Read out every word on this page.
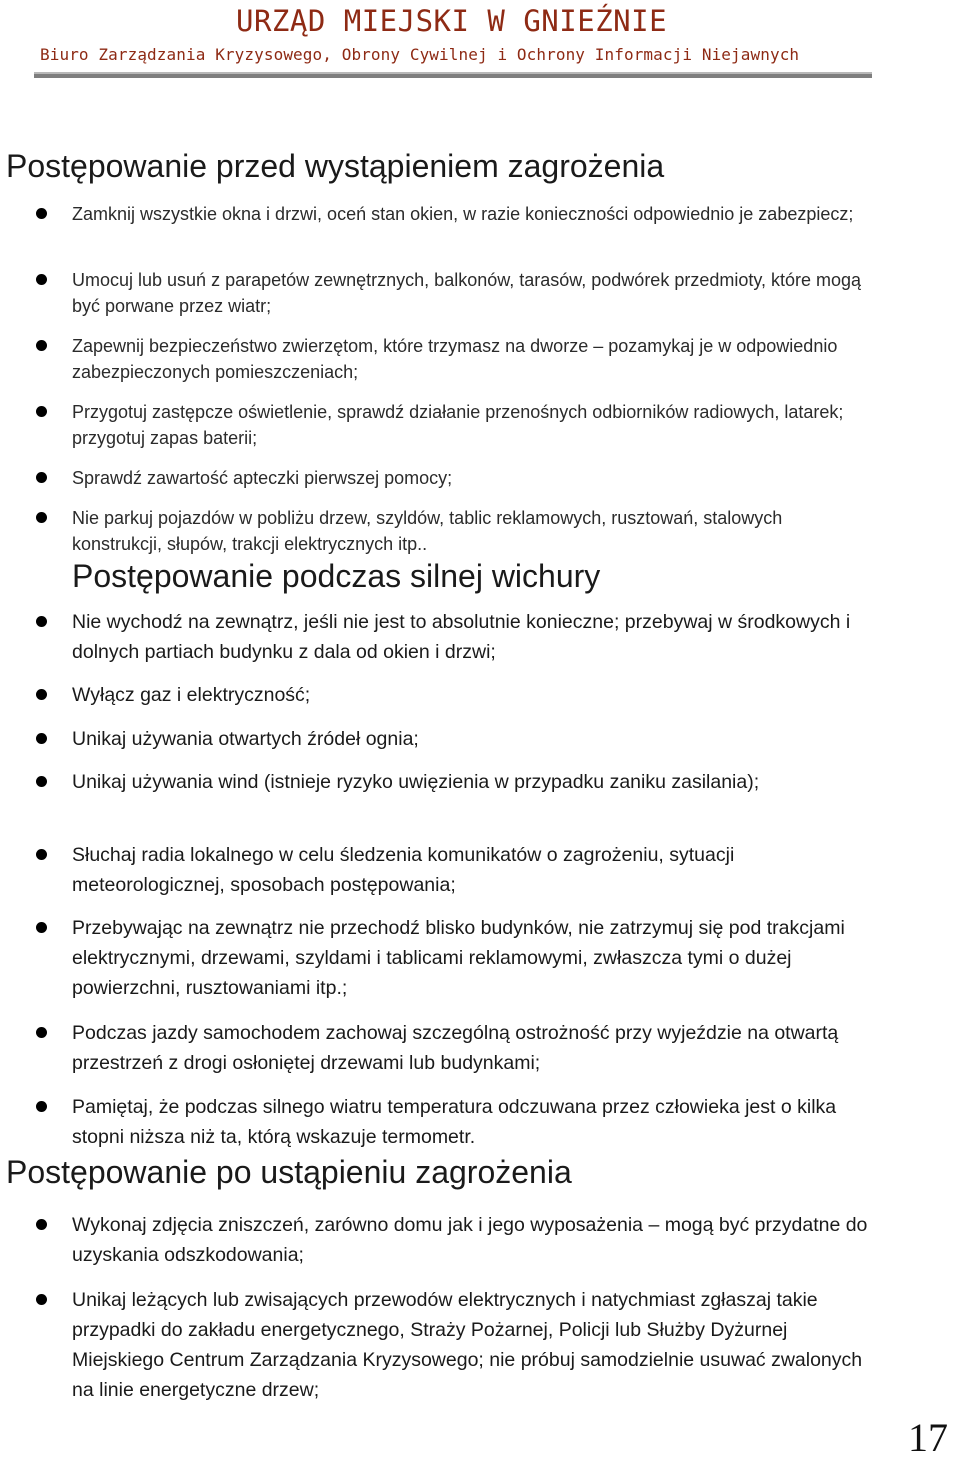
URZĄD MIEJSKI W GNIEŹNIE
Biuro Zarządzania Kryzysowego, Obrony Cywilnej i Ochrony Informacji Niejawnych
Postępowanie przed wystąpieniem zagrożenia
Zamknij wszystkie okna i drzwi, oceń stan okien, w razie konieczności odpowiednio je zabezpiecz;
Umocuj lub usuń z parapetów zewnętrznych, balkonów, tarasów, podwórek przedmioty, które mogą być porwane przez wiatr;
Zapewnij bezpieczeństwo zwierzętom, które trzymasz na dworze – pozamykaj je w odpowiednio zabezpieczonych pomieszczeniach;
Przygotuj zastępcze oświetlenie, sprawdź działanie przenośnych odbiorników radiowych, latarek; przygotuj zapas baterii;
Sprawdź zawartość apteczki pierwszej pomocy;
Nie parkuj pojazdów w pobliżu drzew, szyldów, tablic reklamowych, rusztowań, stalowych konstrukcji, słupów, trakcji elektrycznych itp..
Postępowanie podczas silnej wichury
Nie wychodź na zewnątrz, jeśli nie jest to absolutnie konieczne; przebywaj w środkowych i dolnych partiach budynku z dala od okien i drzwi;
Wyłącz gaz i elektryczność;
Unikaj używania otwartych źródeł ognia;
Unikaj używania wind (istnieje ryzyko uwięzienia w przypadku zaniku zasilania);
Słuchaj radia lokalnego w celu śledzenia komunikatów o zagrożeniu, sytuacji meteorologicznej, sposobach postępowania;
Przebywając na zewnątrz nie przechodź blisko budynków, nie zatrzymuj się pod trakcjami elektrycznymi, drzewami, szyldami i tablicami reklamowymi, zwłaszcza tymi o dużej powierzchni, rusztowaniami itp.;
Podczas jazdy samochodem zachowaj szczególną ostrożność przy wyjeździe na otwartą przestrzeń z drogi osłoniętej drzewami lub budynkami;
Pamiętaj, że podczas silnego wiatru temperatura odczuwana przez człowieka jest o kilka stopni niższa niż ta, którą wskazuje termometr.
Postępowanie po ustąpieniu zagrożenia
Wykonaj zdjęcia zniszczeń, zarówno domu jak i jego wyposażenia – mogą być przydatne do uzyskania odszkodowania;
Unikaj leżących lub zwisających przewodów elektrycznych i natychmiast zgłaszaj takie przypadki do zakładu energetycznego, Straży Pożarnej, Policji lub Służby Dyżurnej Miejskiego Centrum Zarządzania Kryzysowego; nie próbuj samodzielnie usuwać zwalonych na linie energetyczne drzew;
17
